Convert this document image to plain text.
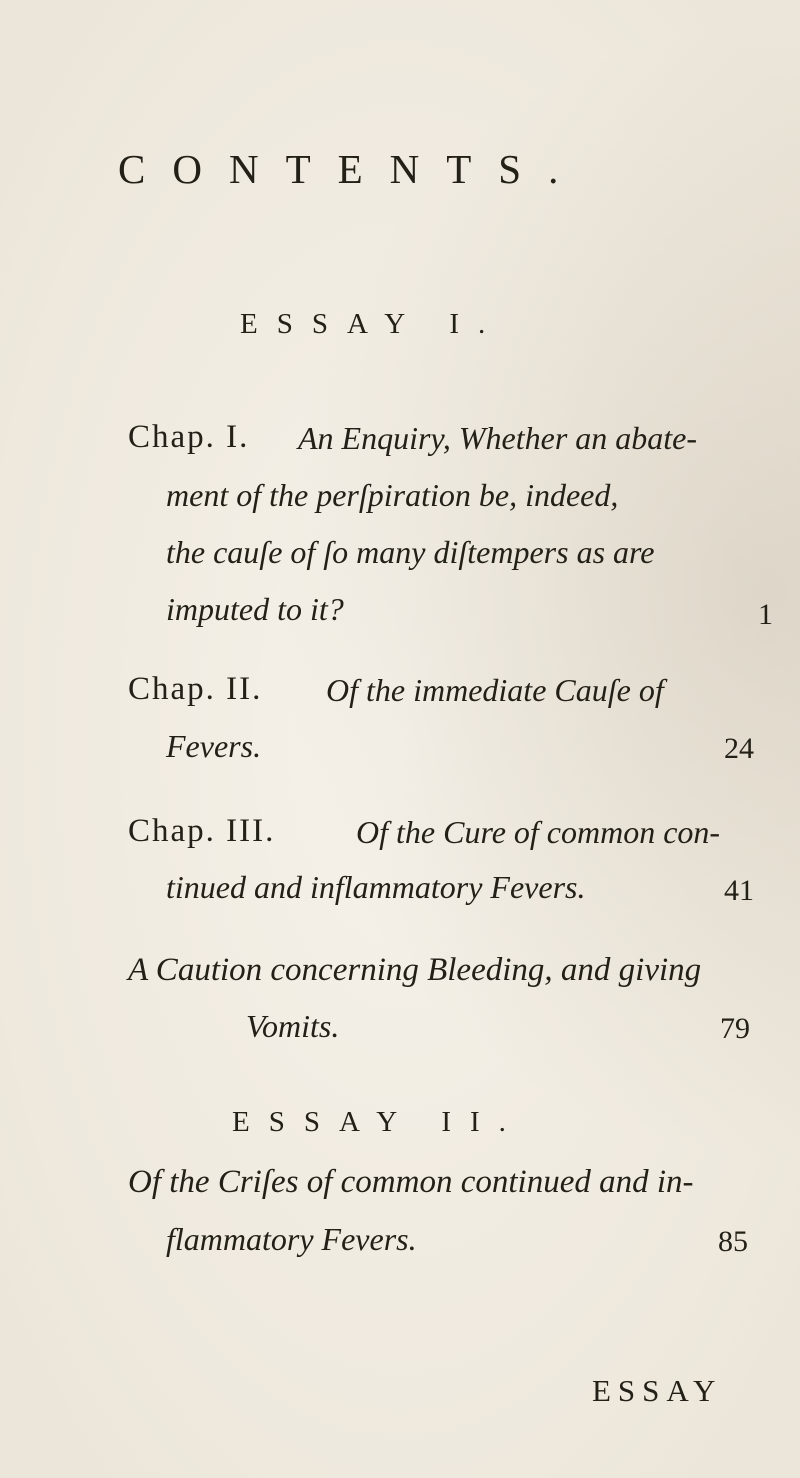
CONTENTS.
ESSAY I.
Chap. I. An Enquiry, Whether an abate-
ment of the perſpiration be, indeed,
the cauſe of ſo many diſtempers as are
imputed to it?	1
Chap. II. Of the immediate Cauſe of
Fevers.	24
Chap. III.	Of the Cure of common con-
tinued and inflammatory Fevers.	41
A Caution concerning Bleeding, and giving
Vomits.	79
ESSAY II.
Of the Criſes of common continued and in-
flammatory Fevers.	85
ESSAY
